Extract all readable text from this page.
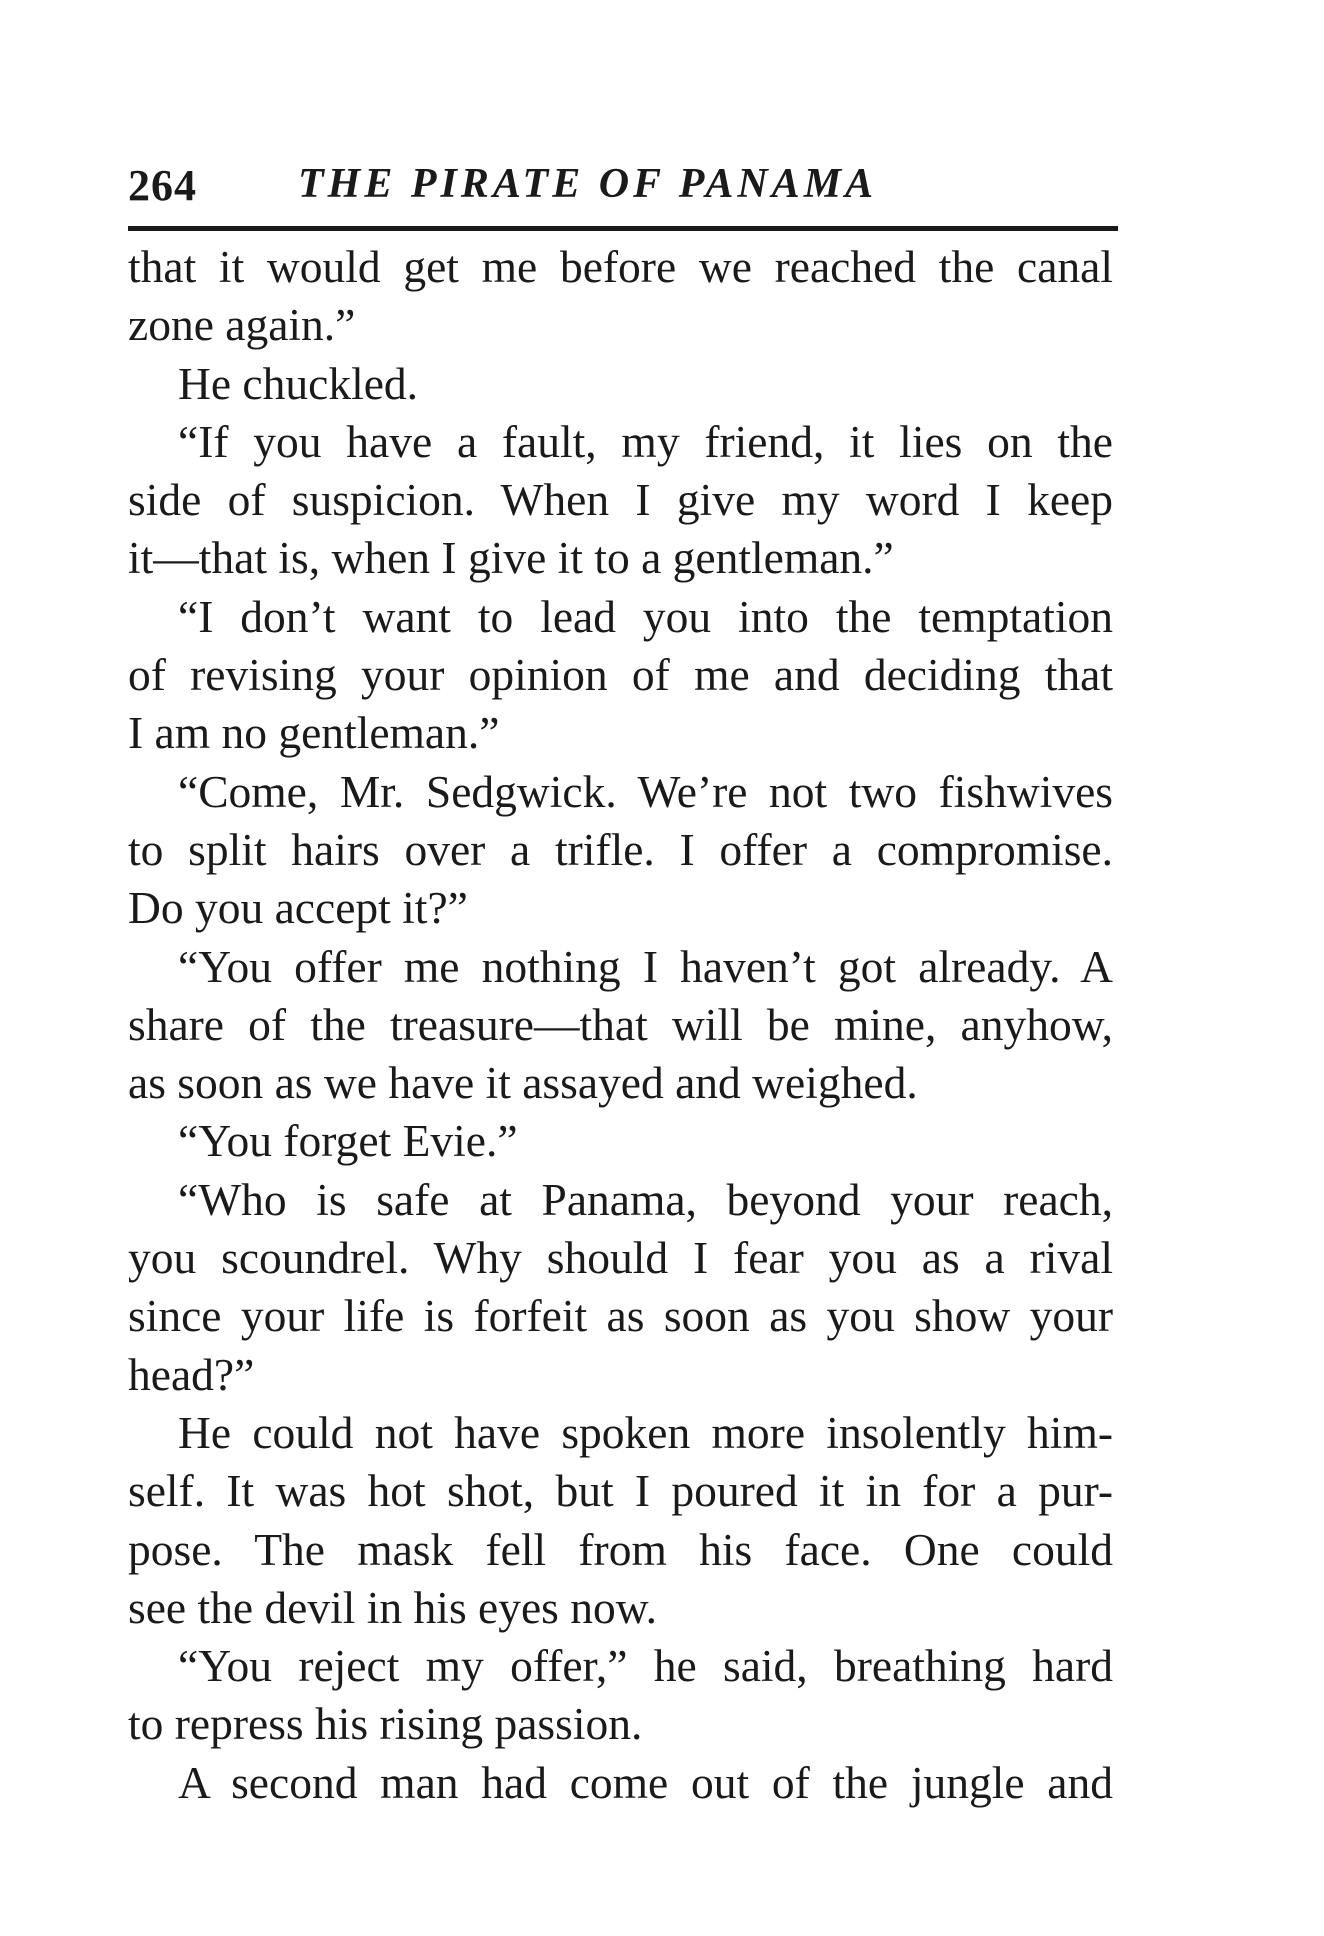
264 THE PIRATE OF PANAMA
that it would get me before we reached the canal
zone again.”
He chuckled.
“If you have a fault, my friend, it lies on the
side of suspicion. When I give my word I keep
it—that is, when I give it to a gentleman.”
“I don’t want to lead you into the temptation
of revising your opinion of me and deciding that
I am no gentleman.”
“Come, Mr. Sedgwick. We’re not two fishwives
to split hairs over a trifle. I offer a compromise.
Do you accept it?”
“You offer me nothing I haven’t got already. A
share of the treasure—that will be mine, anyhow,
as soon as we have it assayed and weighed.
“You forget Evie.”
“Who is safe at Panama, beyond your reach,
you scoundrel. Why should I fear you as a rival
since your life is forfeit as soon as you show your
head?”
He could not have spoken more insolently him-
self. It was hot shot, but I poured it in for a pur-
pose. The mask fell from his face. One could
see the devil in his eyes now.
“You reject my offer,” he said, breathing hard
to repress his rising passion.
A second man had come out of the jungle and
